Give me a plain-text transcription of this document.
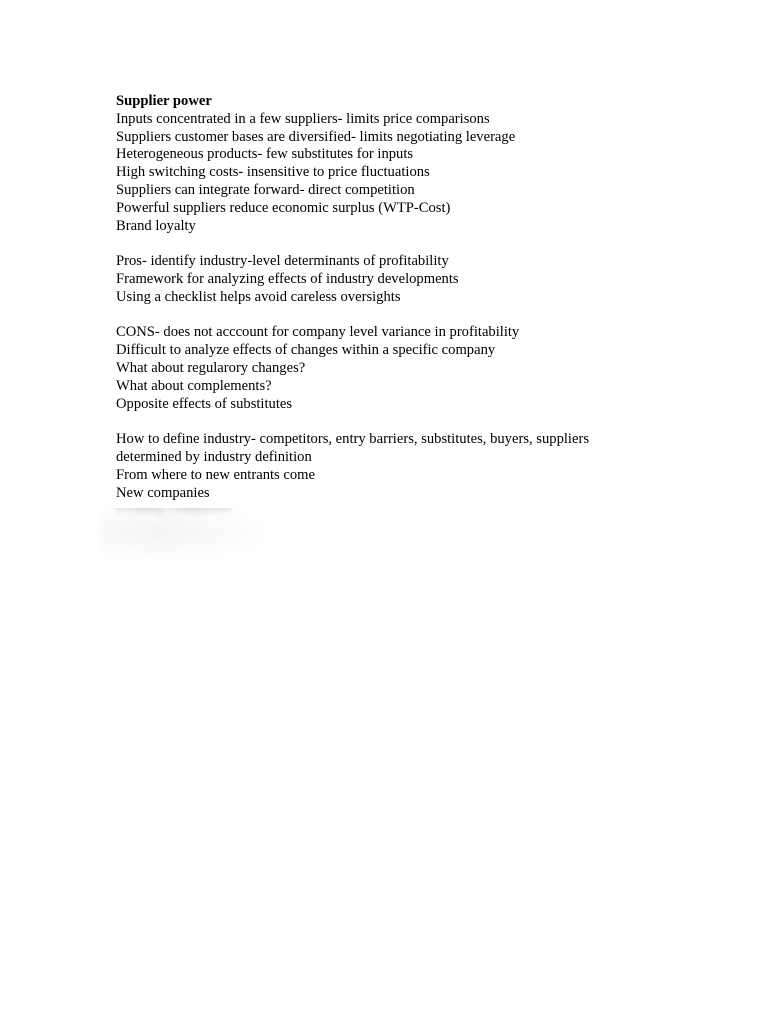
Supplier power
Inputs concentrated in a few suppliers- limits price comparisons
Suppliers customer bases are diversified- limits negotiating leverage
Heterogeneous products- few substitutes for inputs
High switching costs- insensitive to price fluctuations
Suppliers can integrate forward- direct competition
Powerful suppliers reduce economic surplus (WTP-Cost)
Brand loyalty
Pros- identify industry-level determinants of profitability
Framework for analyzing effects of industry developments
Using a checklist helps avoid careless oversights
CONS- does not acccount for company level variance in profitability
Difficult to analyze effects of changes within a specific company
What about regularory changes?
What about complements?
Opposite effects of substitutes
How to define industry- competitors, entry barriers, substitutes, buyers, suppliers
determined by industry definition
From where to new entrants come
New companies
